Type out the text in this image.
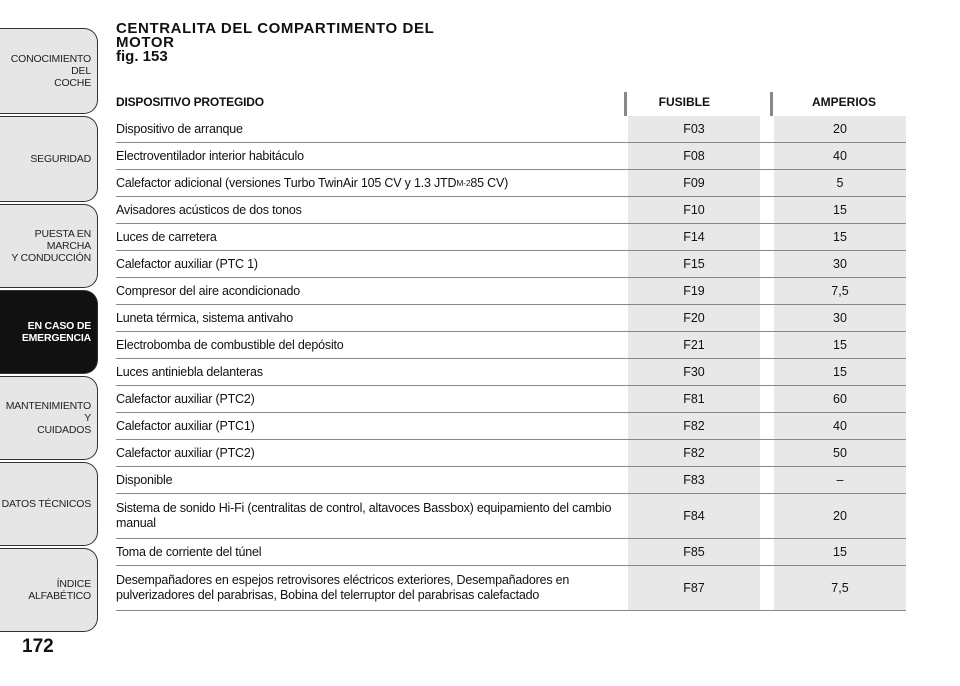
CONOCIMIENTO DEL
COCHE
SEGURIDAD
PUESTA EN MARCHA
Y CONDUCCIÓN
EN CASO DE
EMERGENCIA
MANTENIMIENTO Y
CUIDADOS
DATOS TÉCNICOS
ÍNDICE ALFABÉTICO
172
CENTRALITA DEL COMPARTIMENTO DEL
MOTOR
fig. 153
DISPOSITIVO PROTEGIDO	FUSIBLE	AMPERIOS
Dispositivo de arranque	F03	20
Electroventilador interior habitáculo	F08	40
Calefactor adicional (versiones Turbo TwinAir 105 CV y 1.3 JTD M-2 85 CV)	F09	5
Avisadores acústicos de dos tonos	F10	15
Luces de carretera	F14	15
Calefactor auxiliar (PTC 1)	F15	30
Compresor del aire acondicionado	F19	7,5
Luneta térmica, sistema antivaho	F20	30
Electrobomba de combustible del depósito	F21	15
Luces antiniebla delanteras	F30	15
Calefactor auxiliar (PTC2)	F81	60
Calefactor auxiliar (PTC1)	F82	40
Calefactor auxiliar (PTC2)	F82	50
Disponible	F83	–
Sistema de sonido Hi-Fi (centralitas de control, altavoces Bassbox) equipamiento del cambio
manual	F84	20
Toma de corriente del túnel	F85	15
Desempañadores en espejos retrovisores eléctricos exteriores, Desempañadores en
pulverizadores del parabrisas, Bobina del telerruptor del parabrisas calefactado	F87	7,5
